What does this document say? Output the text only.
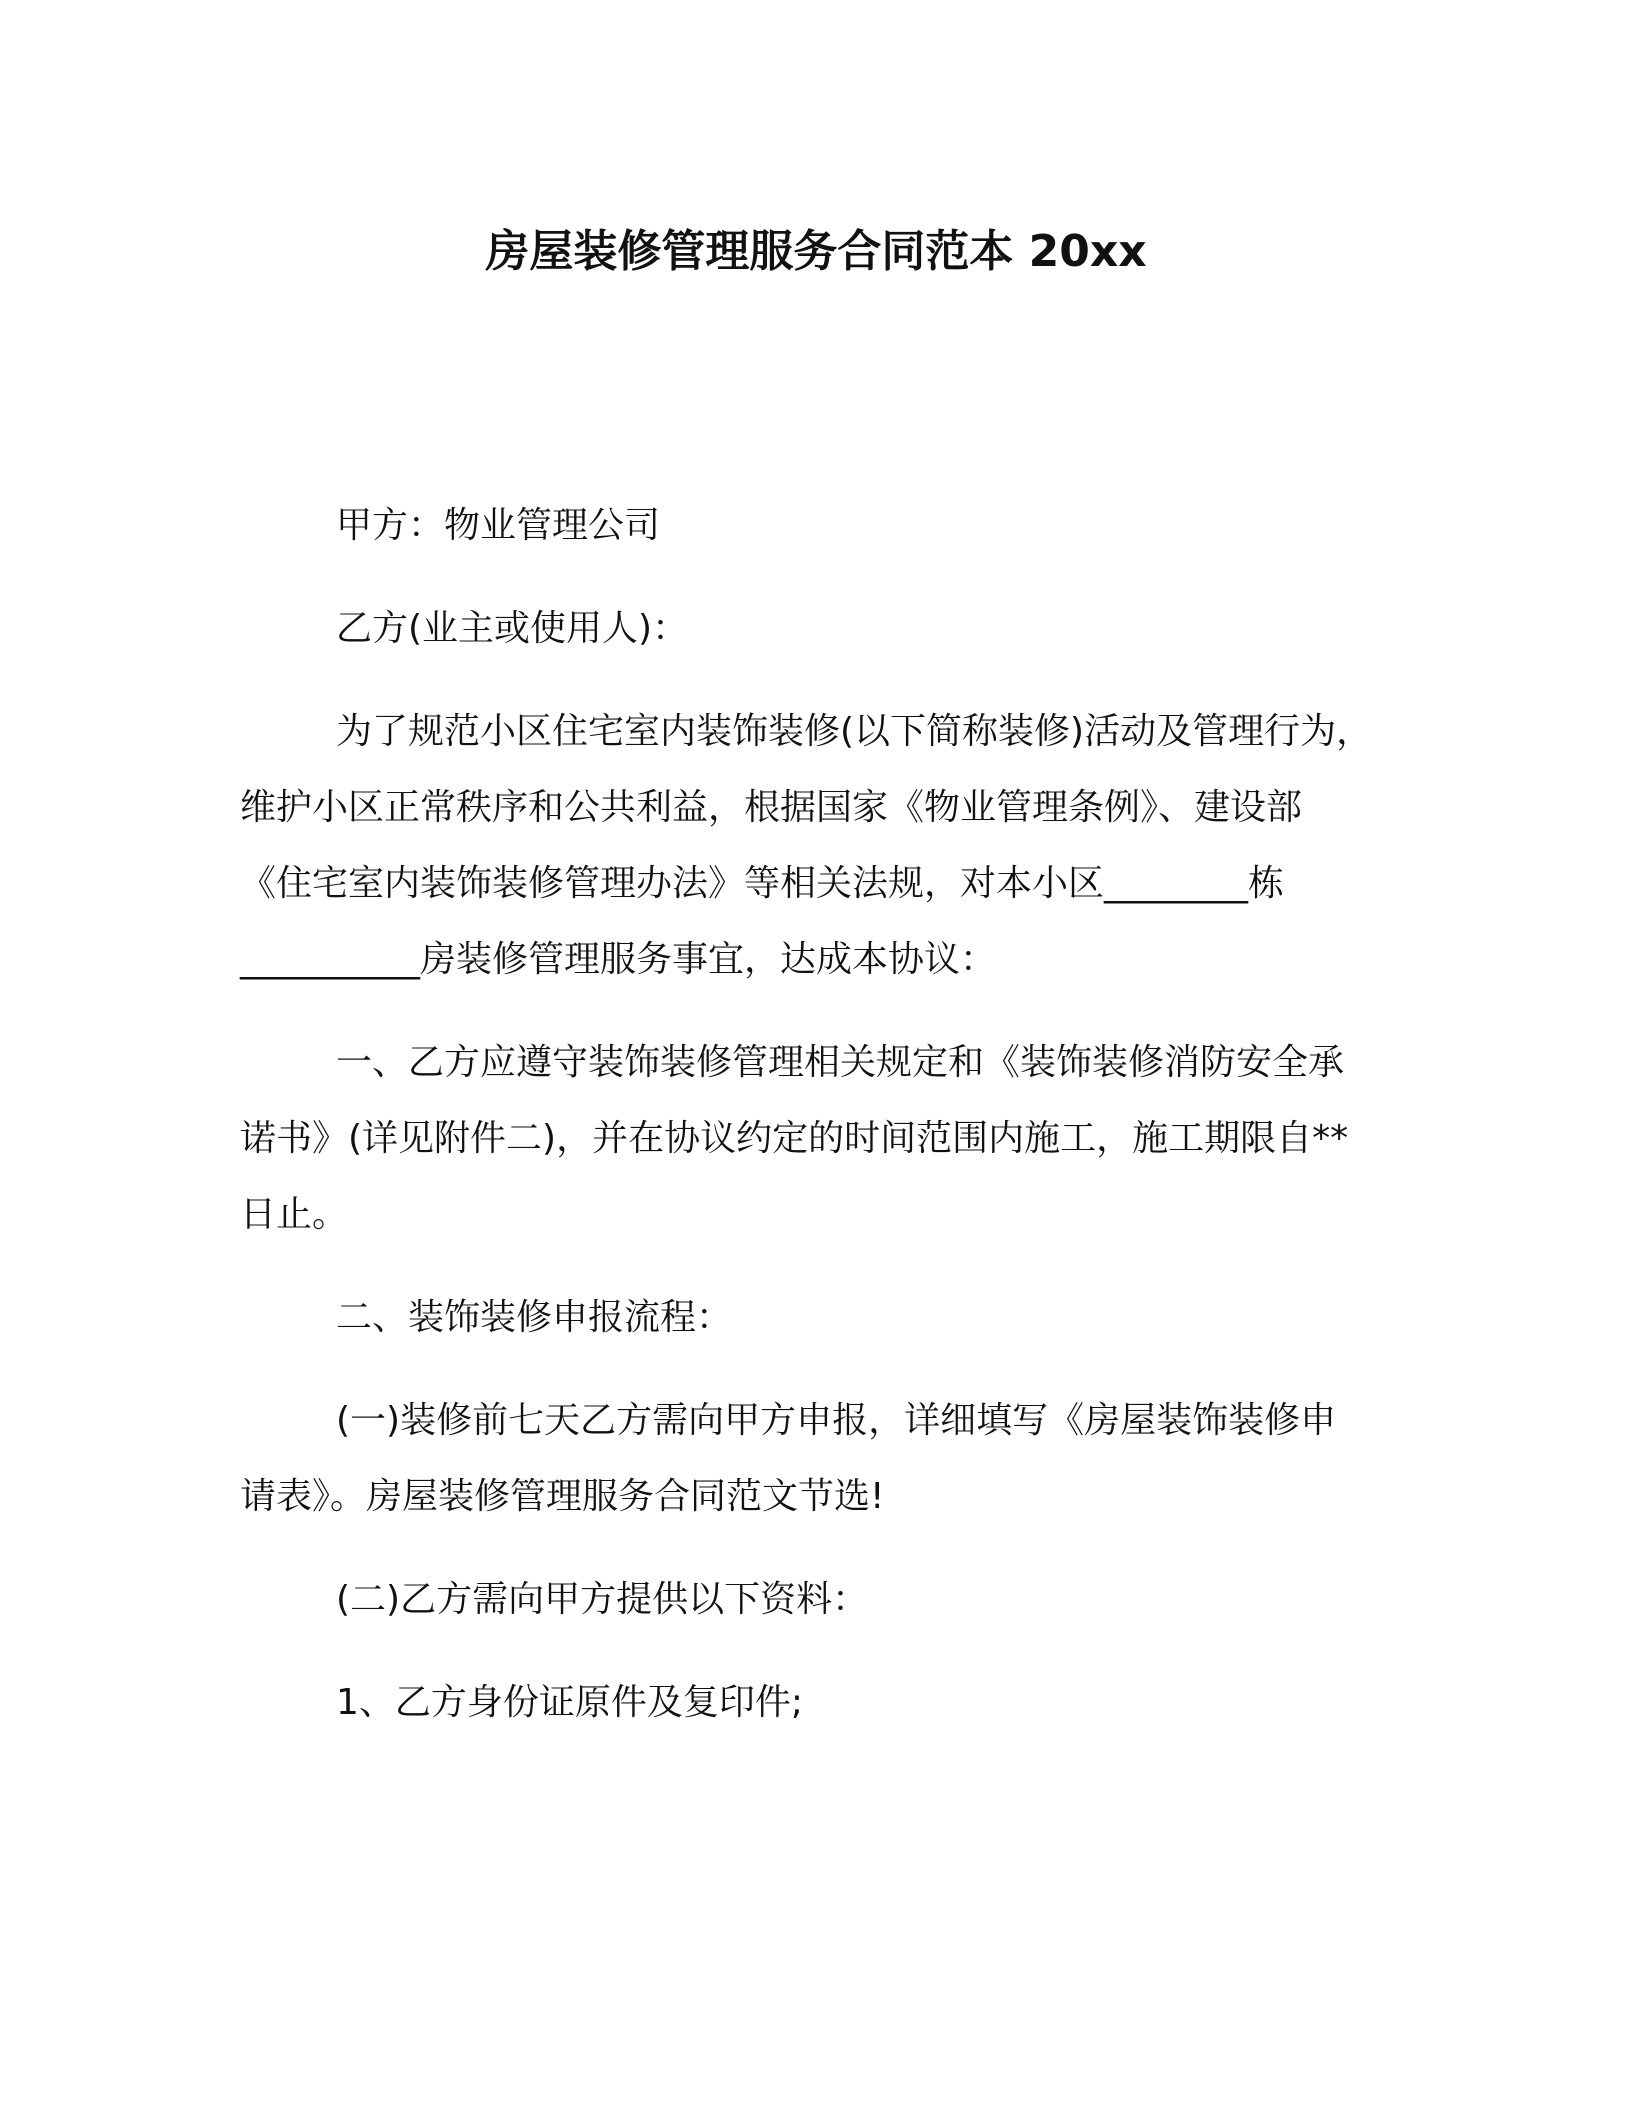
房屋装修管理服务合同范本 20xx

甲方：物业管理公司

乙方(业主或使用人)：

为了规范小区住宅室内装饰装修(以下简称装修)活动及管理行为，
维护小区正常秩序和公共利益，根据国家《物业管理条例》、建设部
《住宅室内装饰装修管理办法》等相关法规，对本小区________栋
__________房装修管理服务事宜，达成本协议：

一、乙方应遵守装饰装修管理相关规定和《装饰装修消防安全承
诺书》(详见附件二)，并在协议约定的时间范围内施工，施工期限自**
日止。

二、装饰装修申报流程：

(一)装修前七天乙方需向甲方申报，详细填写《房屋装饰装修申
请表》。房屋装修管理服务合同范文节选!

(二)乙方需向甲方提供以下资料：

1、乙方身份证原件及复印件;
